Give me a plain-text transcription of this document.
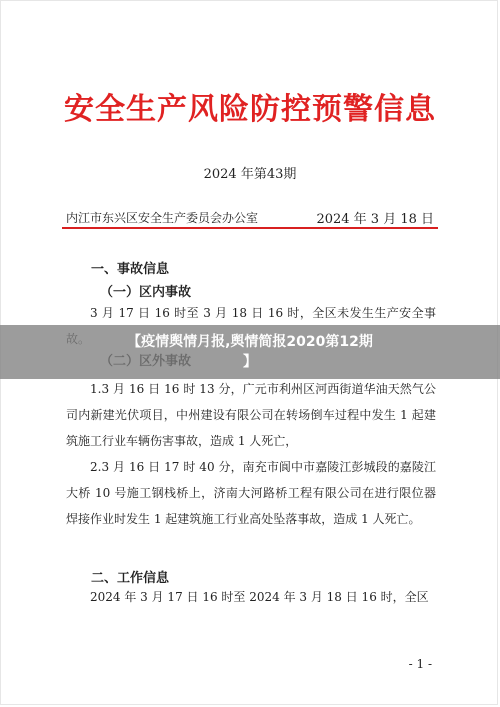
安全生产风险防控预警信息
2024 年第43期
内江市东兴区安全生产委员会办公室	2024 年 3 月 18 日
一、事故信息
（一）区内事故

3 月 17 日 16 时至 3 月 18 日 16 时，全区未发生生产安全事

1.3 月 16 日 16 时 13 分，广元市利州区河西街道华油天然气公司内新建光伏项目，中州建设有限公司在转场倒车过程中发生 1 起建筑施工行业车辆伤害事故，造成 1 人死亡，

2.3 月 16 日 17 时 40 分，南充市阆中市嘉陵江彭城段的嘉陵江大桥 10 号施工钢栈桥上，济南大河路桥工程有限公司在进行限位器焊接作业时发生 1 起建筑施工行业高处坠落事故，造成 1 人死亡。

二、工作信息

2024 年 3 月 17 日 16 时至 2024 年 3 月 18 日 16 时，全区

- 1 -
【疫情舆情月报,舆情简报2020第12期
】
